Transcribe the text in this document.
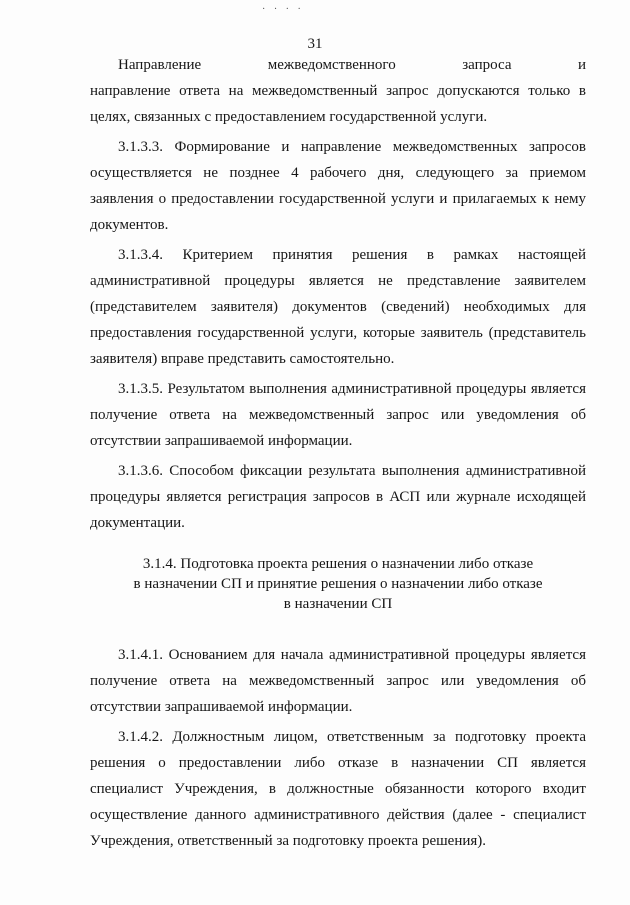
· · · ·
31

Направление межведомственного запроса и

направление ответа на межведомственный запрос допускаются только в целях, связанных с предоставлением государственной услуги.

3.1.3.3. Формирование и направление межведомственных запросов осуществляется не позднее 4 рабочего дня, следующего за приемом заявления о предоставлении государственной услуги и прилагаемых к нему документов.

3.1.3.4. Критерием принятия решения в рамках настоящей административной процедуры является не представление заявителем (представителем заявителя) документов (сведений) необходимых для предоставления государственной услуги, которые заявитель (представитель заявителя) вправе представить самостоятельно.

3.1.3.5. Результатом выполнения административной процедуры является получение ответа на межведомственный запрос или уведомления об отсутствии запрашиваемой информации.

3.1.3.6. Способом фиксации результата выполнения административной процедуры является регистрация запросов в АСП или журнале исходящей документации.

3.1.4. Подготовка проекта решения о назначении либо отказе
в назначении СП и принятие решения о назначении либо отказе
в назначении СП

3.1.4.1. Основанием для начала административной процедуры является получение ответа на межведомственный запрос или уведомления об отсутствии запрашиваемой информации.

3.1.4.2. Должностным лицом, ответственным за подготовку проекта решения о предоставлении либо отказе в назначении СП является специалист Учреждения, в должностные обязанности которого входит осуществление данного административного действия (далее - специалист Учреждения, ответственный за подготовку проекта решения).
